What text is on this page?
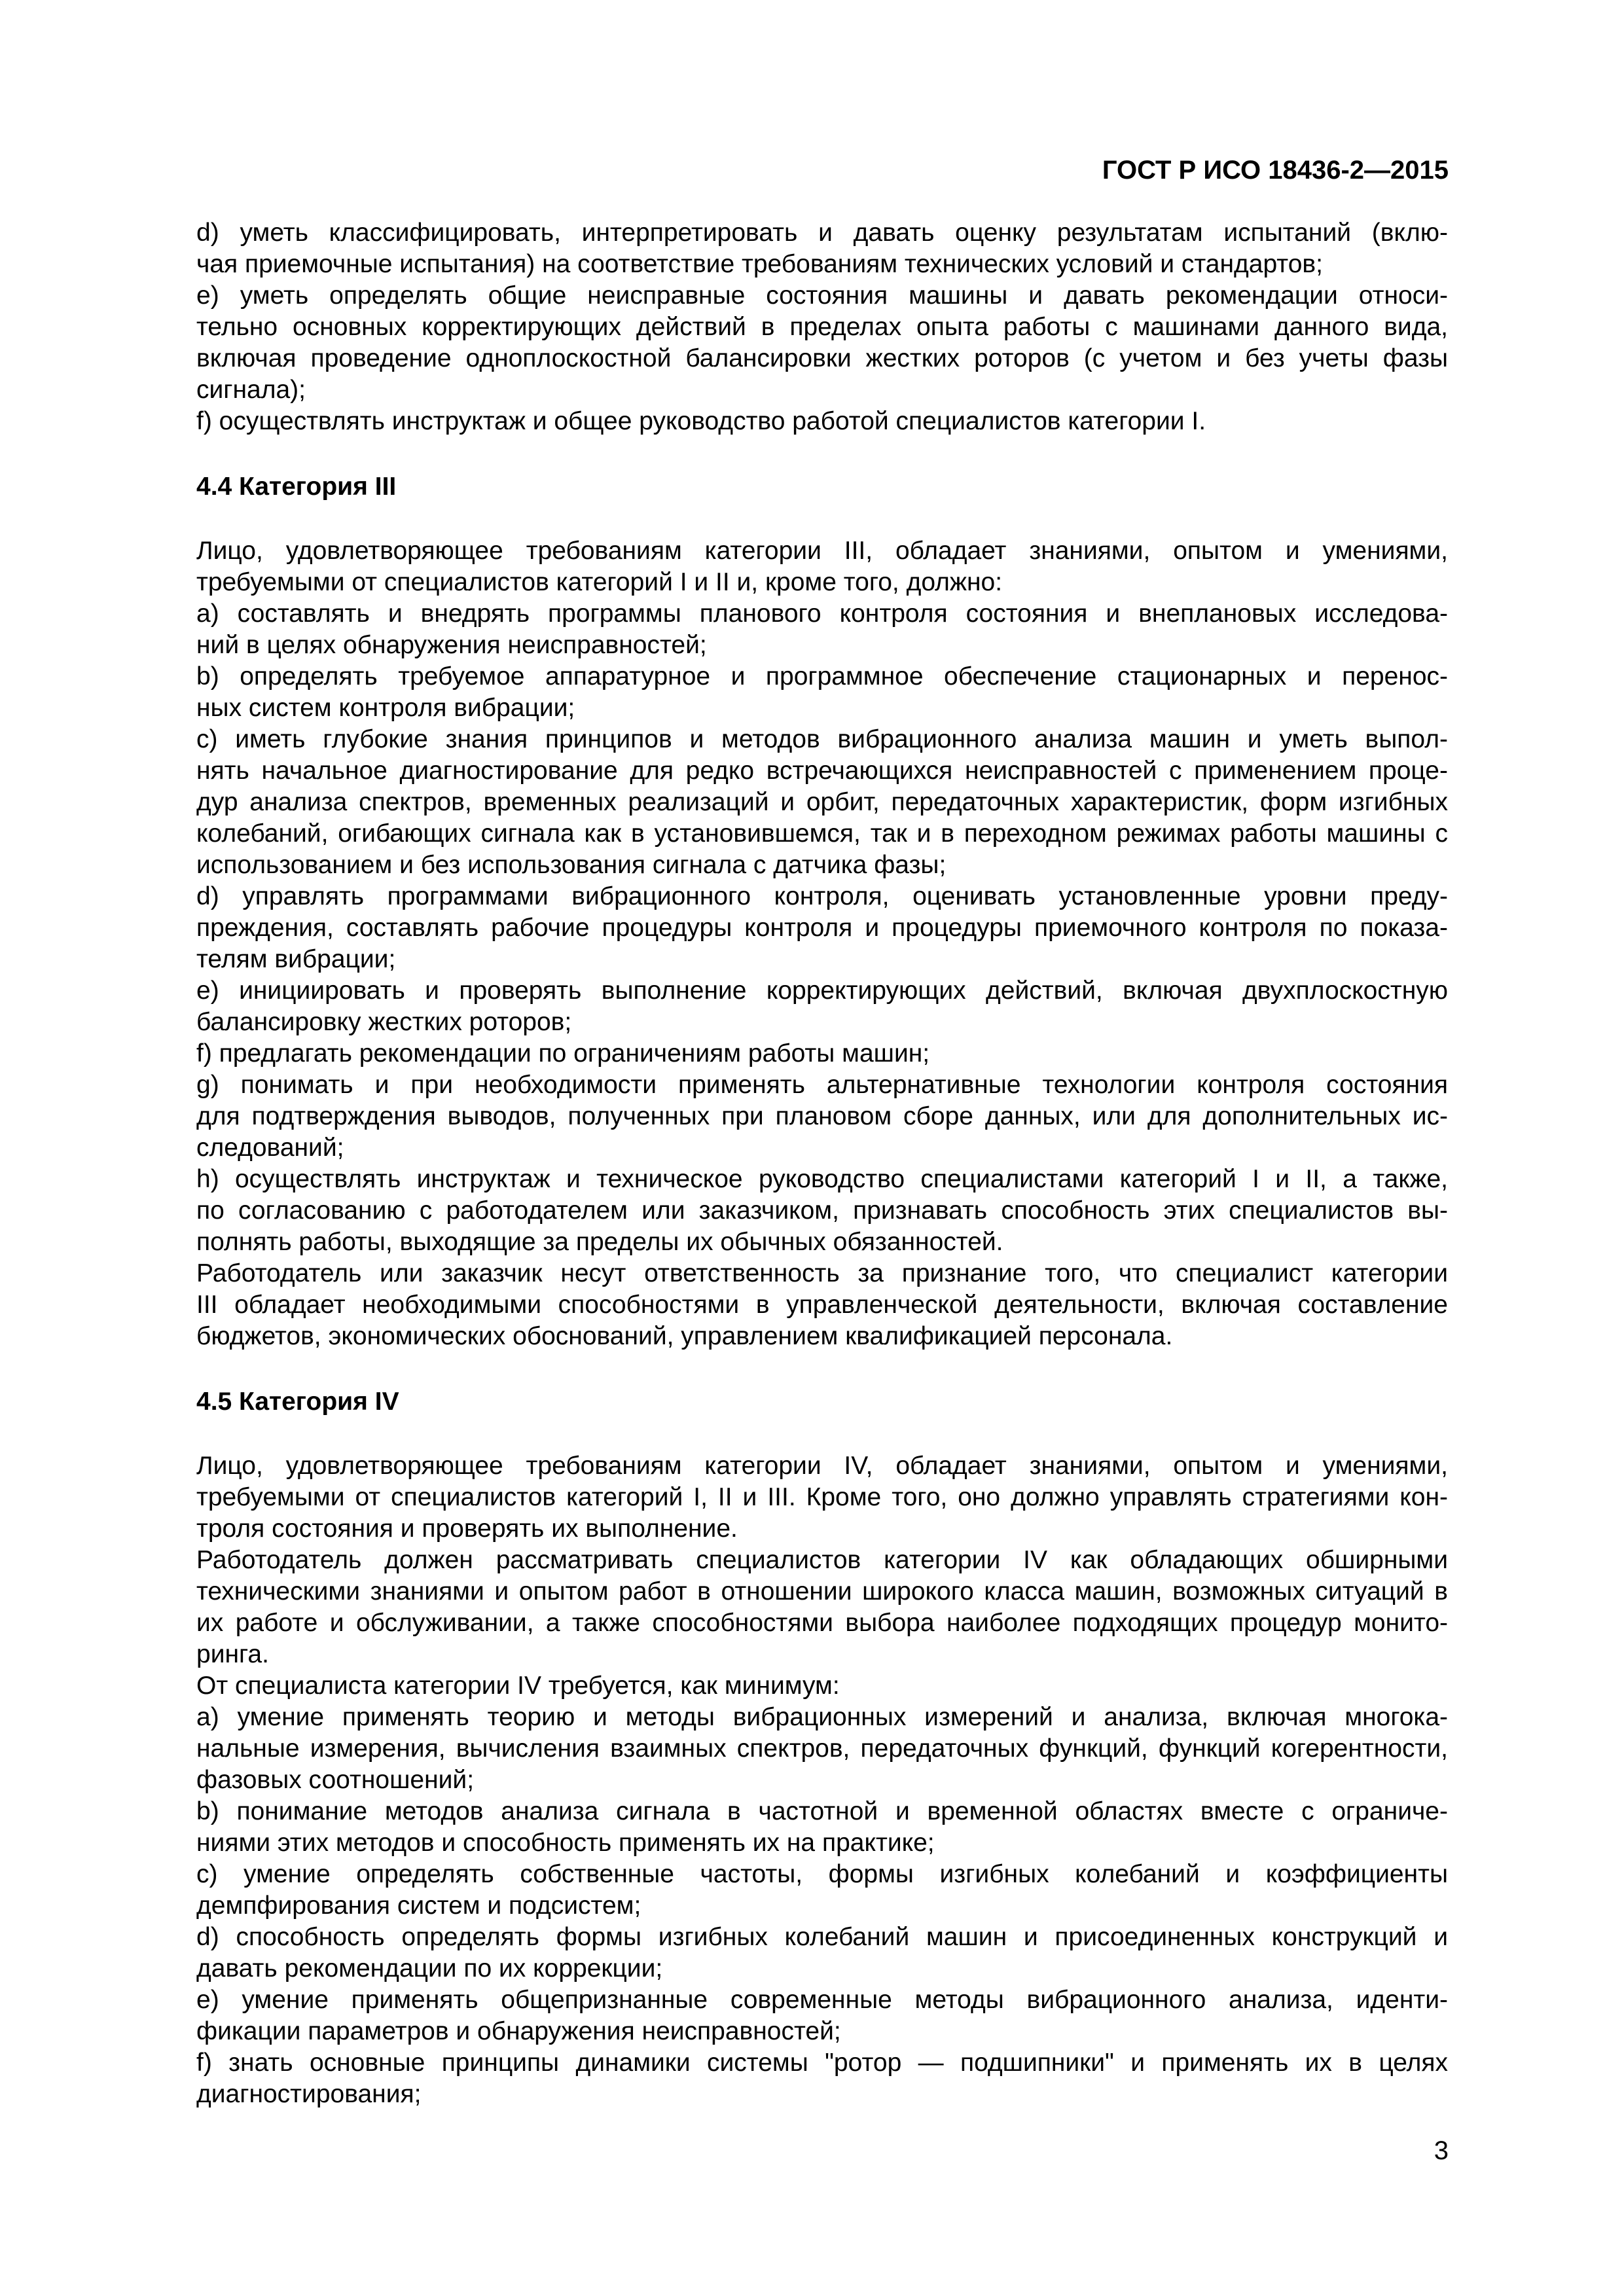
ГОСТ Р ИСО 18436-2—2015

d) уметь классифицировать, интерпретировать и давать оценку результатам испытаний (вклю-
чая приемочные испытания) на соответствие требованиям технических условий и стандартов;

e) уметь определять общие неисправные состояния машины и давать рекомендации относи-
тельно основных корректирующих действий в пределах опыта работы с машинами данного вида,
включая проведение одноплоскостной балансировки жестких роторов (с учетом и без учеты фазы
сигнала);

f) осуществлять инструктаж и общее руководство работой специалистов категории I.

4.4 Категория III

Лицо, удовлетворяющее требованиям категории III, обладает знаниями, опытом и умениями,
требуемыми от специалистов категорий I и II и, кроме того, должно:

a) составлять и внедрять программы планового контроля состояния и внеплановых исследова-
ний в целях обнаружения неисправностей;

b) определять требуемое аппаратурное и программное обеспечение стационарных и перенос-
ных систем контроля вибрации;

c) иметь глубокие знания принципов и методов вибрационного анализа машин и уметь выпол-
нять начальное диагностирование для редко встречающихся неисправностей с применением проце-
дур анализа спектров, временных реализаций и орбит, передаточных характеристик, форм изгибных
колебаний, огибающих сигнала как в установившемся, так и в переходном режимах работы машины с
использованием и без использования сигнала с датчика фазы;

d) управлять программами вибрационного контроля, оценивать установленные уровни преду-
преждения, составлять рабочие процедуры контроля и процедуры приемочного контроля по показа-
телям вибрации;

e) инициировать и проверять выполнение корректирующих действий, включая двухплоскостную
балансировку жестких роторов;

f) предлагать рекомендации по ограничениям работы машин;

g) понимать и при необходимости применять альтернативные технологии контроля состояния
для подтверждения выводов, полученных при плановом сборе данных, или для дополнительных ис-
следований;

h) осуществлять инструктаж и техническое руководство специалистами категорий I и II, а также,
по согласованию с работодателем или заказчиком, признавать способность этих специалистов вы-
полнять работы, выходящие за пределы их обычных обязанностей.

Работодатель или заказчик несут ответственность за признание того, что специалист категории
III обладает необходимыми способностями в управленческой деятельности, включая составление
бюджетов, экономических обоснований, управлением квалификацией персонала.

4.5 Категория IV

Лицо, удовлетворяющее требованиям категории IV, обладает знаниями, опытом и умениями,
требуемыми от специалистов категорий I, II и III. Кроме того, оно должно управлять стратегиями кон-
троля состояния и проверять их выполнение.

Работодатель должен рассматривать специалистов категории IV как обладающих обширными
техническими знаниями и опытом работ в отношении широкого класса машин, возможных ситуаций в
их работе и обслуживании, а также способностями выбора наиболее подходящих процедур монито-
ринга.

От специалиста категории IV требуется, как минимум:

a) умение применять теорию и методы вибрационных измерений и анализа, включая многока-
нальные измерения, вычисления взаимных спектров, передаточных функций, функций когерентности,
фазовых соотношений;

b) понимание методов анализа сигнала в частотной и временной областях вместе с ограниче-
ниями этих методов и способность применять их на практике;

c) умение определять собственные частоты, формы изгибных колебаний и коэффициенты
демпфирования систем и подсистем;

d) способность определять формы изгибных колебаний машин и присоединенных конструкций и
давать рекомендации по их коррекции;

e) умение применять общепризнанные современные методы вибрационного анализа, иденти-
фикации параметров и обнаружения неисправностей;

f) знать основные принципы динамики системы "ротор — подшипники" и применять их в целях
диагностирования;

3
